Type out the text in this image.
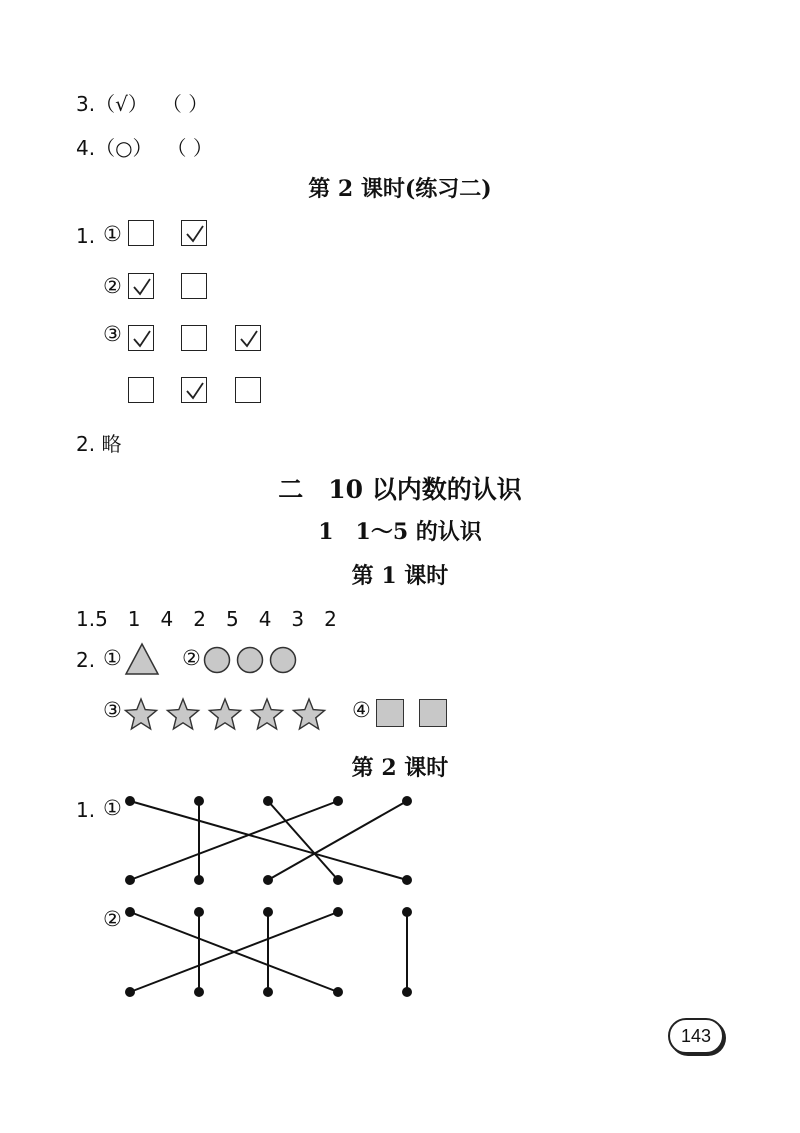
3.（√） （ ）
4.（○） （ ）
第 2 课时(练习二)
1. ①
②
③
2. 略
二　10 以内数的认识
1　1～5 的认识
第 1 课时
1.5　1　4　2　5　4　3　2
2. ①	②
③	④
第 2 课时
1. ①
②
143
